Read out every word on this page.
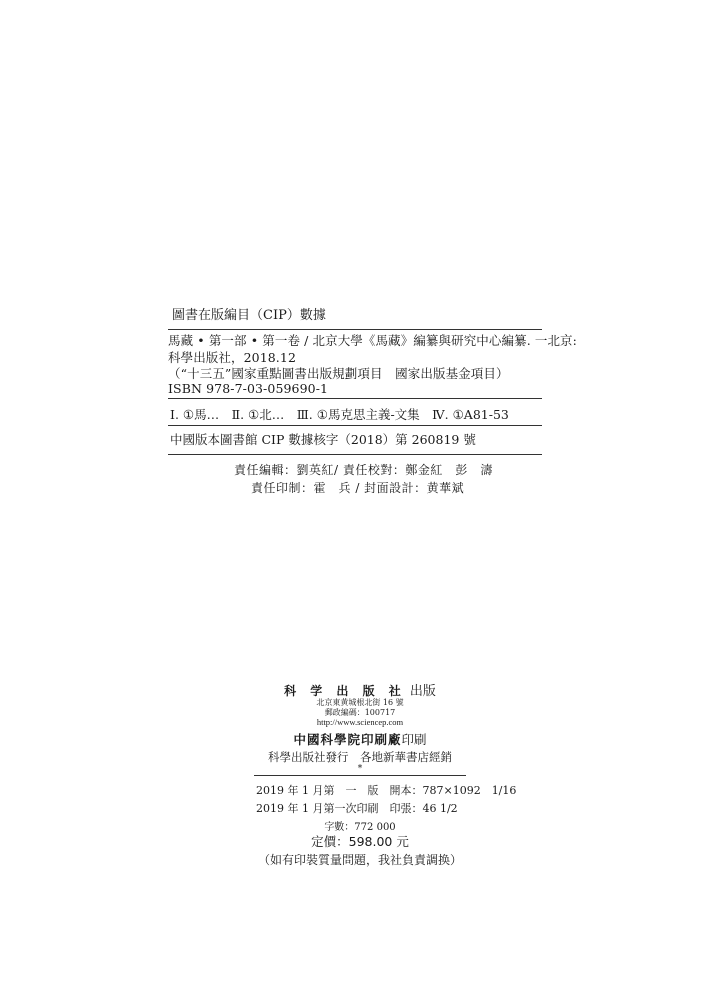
圖書在版編目（CIP）數據
馬藏 • 第一部 • 第一卷 / 北京大學《馬藏》編纂與研究中心編纂. 一北京:
科學出版社，2018.12
（“十三五”國家重點圖書出版規劃項目　國家出版基金項目）
ISBN 978-7-03-059690-1
Ⅰ. ①馬…　Ⅱ. ①北…　Ⅲ. ①馬克思主義-文集　Ⅳ. ①A81-53
中國版本圖書館 CIP 數據核字（2018）第 260819 號
責任編輯：劉英紅/ 責任校對：鄭金紅　彭　濤
責任印制：霍　兵 / 封面設計：黄華斌
科 学 出 版 社 出版
北京東黄城根北街 16 號
郵政編碼：100717
http://www.sciencep.com
中國科學院印刷廠印刷
科學出版社發行　各地新華書店經銷
*
2019 年 1 月第　一　版　開本：787×1092　1/16
2019 年 1 月第一次印刷　印張：46 1/2
字數：772 000
定價：598.00 元
（如有印裝質量問題，我社負責調换）
